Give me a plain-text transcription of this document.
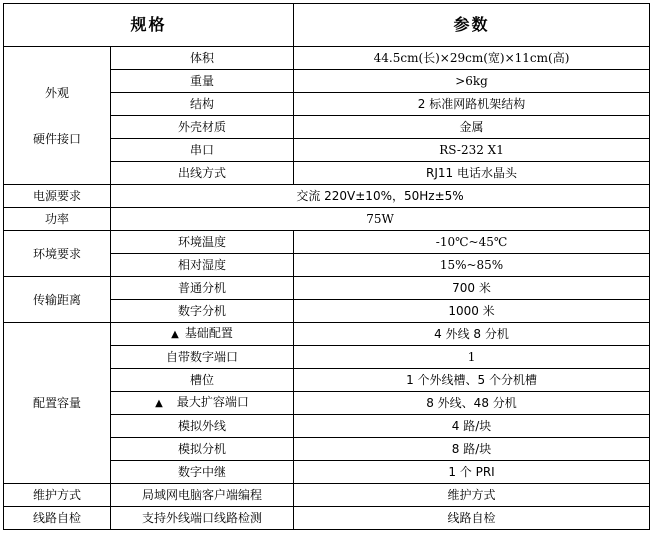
规格		参数

外观
硬件接口	体积	44.5cm(长)×29cm(宽)×11cm(高)
	重量	>6kg
	结构	2 标准网路机架结构
	外壳材质	金属
	串口	RS-232 X1
	出线方式	RJ11 电话水晶头
电源要求	交流 220V±10%，50Hz±5%	
功率	75W	
环境要求	环境温度	-10℃~45℃
	相对湿度	15%~85%
传输距离	普通分机	700 米
	数字分机	1000 米
配置容量	▲ 基础配置	4 外线 8 分机
	自带数字端口	1
	槽位	1 个外线槽、5 个分机槽
	▲ 最大扩容端口	8 外线、48 分机
	模拟外线	4 路/块
	模拟分机	8 路/块
	数字中继	1 个 PRI
维护方式	局域网电脑客户端编程	维护方式
线路自检	支持外线端口线路检测	线路自检
